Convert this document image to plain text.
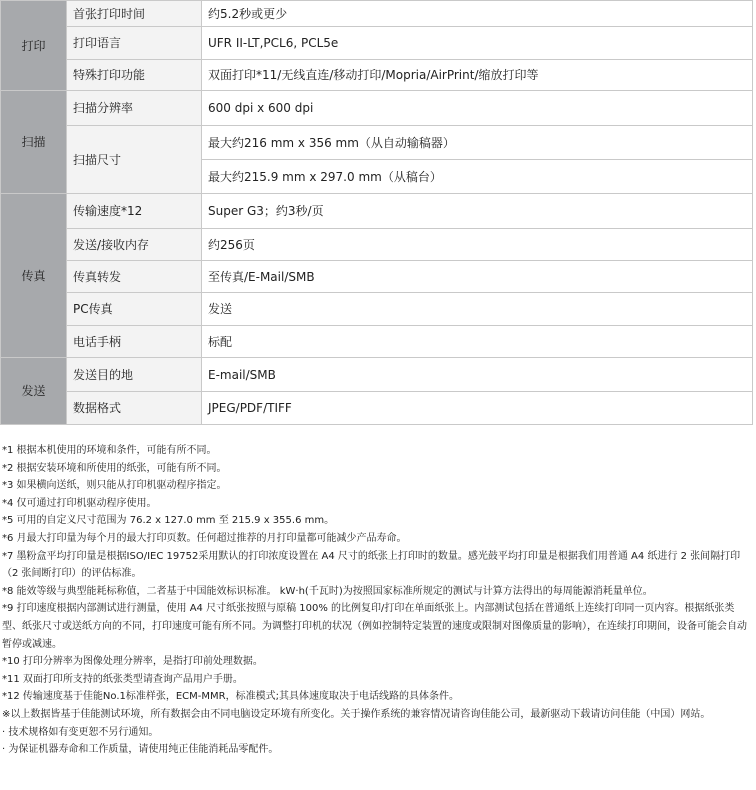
打印	首张打印时间	约5.2秒或更少
	打印语言	UFR II-LT,PCL6, PCL5e
	特殊打印功能	双面打印*11/无线直连/移动打印/Mopria/AirPrint/缩放打印等
扫描	扫描分辨率	600 dpi x 600 dpi
	扫描尺寸	最大约216 mm x 356 mm（从自动输稿器）
		最大约215.9 mm x 297.0 mm（从稿台）
传真	传输速度*12	Super G3；约3秒/页
	发送/接收内存	约256页
	传真转发	至传真/E-Mail/SMB
	PC传真	发送
	电话手柄	标配
发送	发送目的地	E-mail/SMB
	数据格式	JPEG/PDF/TIFF

*1 根据本机使用的环境和条件，可能有所不同。

*2 根据安装环境和所使用的纸张，可能有所不同。

*3 如果横向送纸，则只能从打印机驱动程序指定。

*4 仅可通过打印机驱动程序使用。

*5 可用的自定义尺寸范围为 76.2 x 127.0 mm 至 215.9 x 355.6 mm。

*6 月最大打印量为每个月的最大打印页数。任何超过推荐的月打印量都可能减少产品寿命。

*7 墨粉盒平均打印量是根据ISO/IEC 19752采用默认的打印浓度设置在 A4 尺寸的纸张上打印时的数量。感光鼓平均打印量是根据我们用普通 A4 纸进行 2 张间隔打印（2 张间断打印）的评估标准。

*8 能效等级与典型能耗标称值，二者基于中国能效标识标准。 kW·h(千瓦时)为按照国家标准所规定的测试与计算方法得出的每周能源消耗量单位。

*9 打印速度根据内部测试进行测量，使用 A4 尺寸纸张按照与原稿 100% 的比例复印/打印在单面纸张上。内部测试包括在普通纸上连续打印同一页内容。根据纸张类型、纸张尺寸或送纸方向的不同，打印速度可能有所不同。为调整打印机的状况（例如控制特定装置的速度或限制对图像质量的影响），在连续打印期间，设备可能会自动暂停或减速。

*10 打印分辨率为图像处理分辨率，是指打印前处理数据。

*11 双面打印所支持的纸张类型请查询产品用户手册。

*12 传输速度基于佳能No.1标准样张，ECM-MMR，标准模式;其具体速度取决于电话线路的具体条件。

※以上数据皆基于佳能测试环境，所有数据会由不同电脑设定环境有所变化。关于操作系统的兼容情况请咨询佳能公司，最新驱动下载请访问佳能（中国）网站。

· 技术规格如有变更恕不另行通知。

· 为保证机器寿命和工作质量，请使用纯正佳能消耗品零配件。
